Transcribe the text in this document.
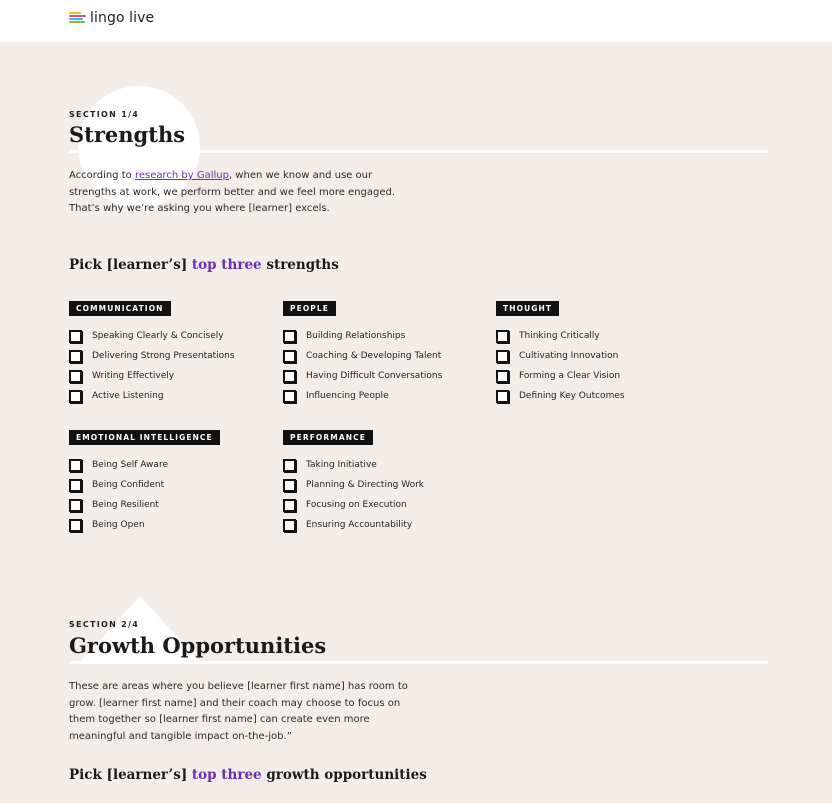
lingo live
SECTION 1/4
Strengths
According to research by Gallup, when we know and use our strengths at work, we perform better and we feel more engaged. That’s why we’re asking you where [learner] excels.
Pick [learner’s] top three strengths
COMMUNICATION
Speaking Clearly & Concisely
Delivering Strong Presentations
Writing Effectively
Active Listening
PEOPLE
Building Relationships
Coaching & Developing Talent
Having Difficult Conversations
Influencing People
THOUGHT
Thinking Critically
Cultivating Innovation
Forming a Clear Vision
Defining Key Outcomes
EMOTIONAL INTELLIGENCE
Being Self Aware
Being Confident
Being Resilient
Being Open
PERFORMANCE
Taking Initiative
Planning & Directing Work
Focusing on Execution
Ensuring Accountability
SECTION 2/4
Growth Opportunities
These are areas where you believe [learner first name] has room to grow. [learner first name] and their coach may choose to focus on them together so [learner first name] can create even more meaningful and tangible impact on-the-job.”
Pick [learner’s] top three growth opportunities
